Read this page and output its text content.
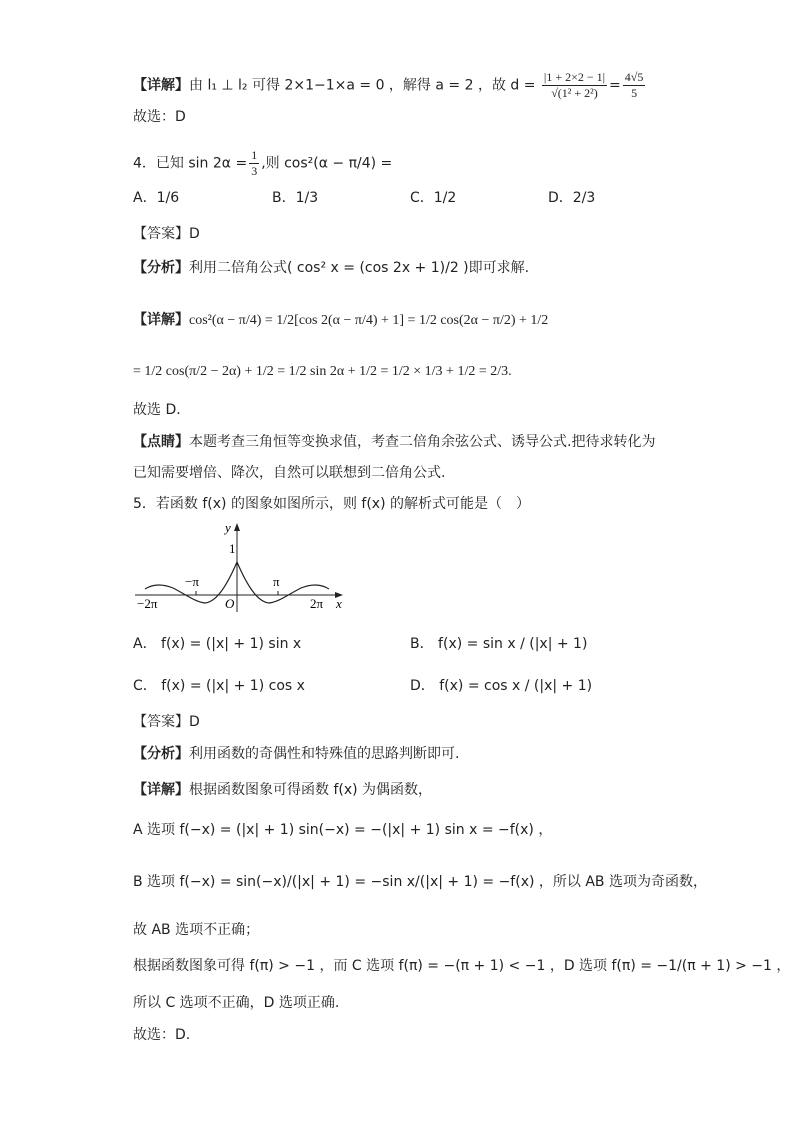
【详解】由 l₁ ⊥ l₂ 可得 2×1−1×a = 0 ，解得 a = 2 ，故 $d = \frac{|1 + 2\times 2 - 1|}{\text{√(1² + 2²)}} = \frac{4√5}{5}$
故选：D
4．已知 $\sin 2\alpha = \frac{1}{3}$ ,则 cos²(α − π/4) =
A．1/6	B．1/3	C．1/2	D．2/3
【答案】D
【分析】利用二倍角公式( cos² x = (cos 2x + 1)/2 )即可求解.
【详解】cos²(α − π/4) = 1/2[cos 2(α − π/4) + 1] = 1/2 cos(2α − π/2) + 1/2
= 1/2 cos(π/2 − 2α) + 1/2 = 1/2 sin 2α + 1/2 = 1/2 × 1/3 + 1/2 = 2/3.
故选 D.
【点睛】本题考查三角恒等变换求值，考查二倍角余弦公式、诱导公式.把待求转化为
已知需要增倍、降次，自然可以联想到二倍角公式.
5．若函数 f(x) 的图象如图所示，则 f(x) 的解析式可能是（　）
y
1
−π	π
−2π	O	2π x
A． f(x) = (|x| + 1) sin x	B． f(x) = sin x / (|x| + 1)
C． f(x) = (|x| + 1) cos x	D． f(x) = cos x / (|x| + 1)
【答案】D
【分析】利用函数的奇偶性和特殊值的思路判断即可.
【详解】根据函数图象可得函数 f(x) 为偶函数，
A 选项 f(−x) = (|x| + 1) sin(−x) = −(|x| + 1) sin x = −f(x) ，
B 选项 f(−x) = sin(−x)/(|x| + 1) = −sin x/(|x| + 1) = −f(x) ，所以 AB 选项为奇函数，
故 AB 选项不正确；
根据函数图象可得 f(π) > −1 ，而 C 选项 f(π) = −(π + 1) < −1 ，D 选项 f(π) = −1/(π + 1) > −1 ，
所以 C 选项不正确，D 选项正确.
故选：D.
